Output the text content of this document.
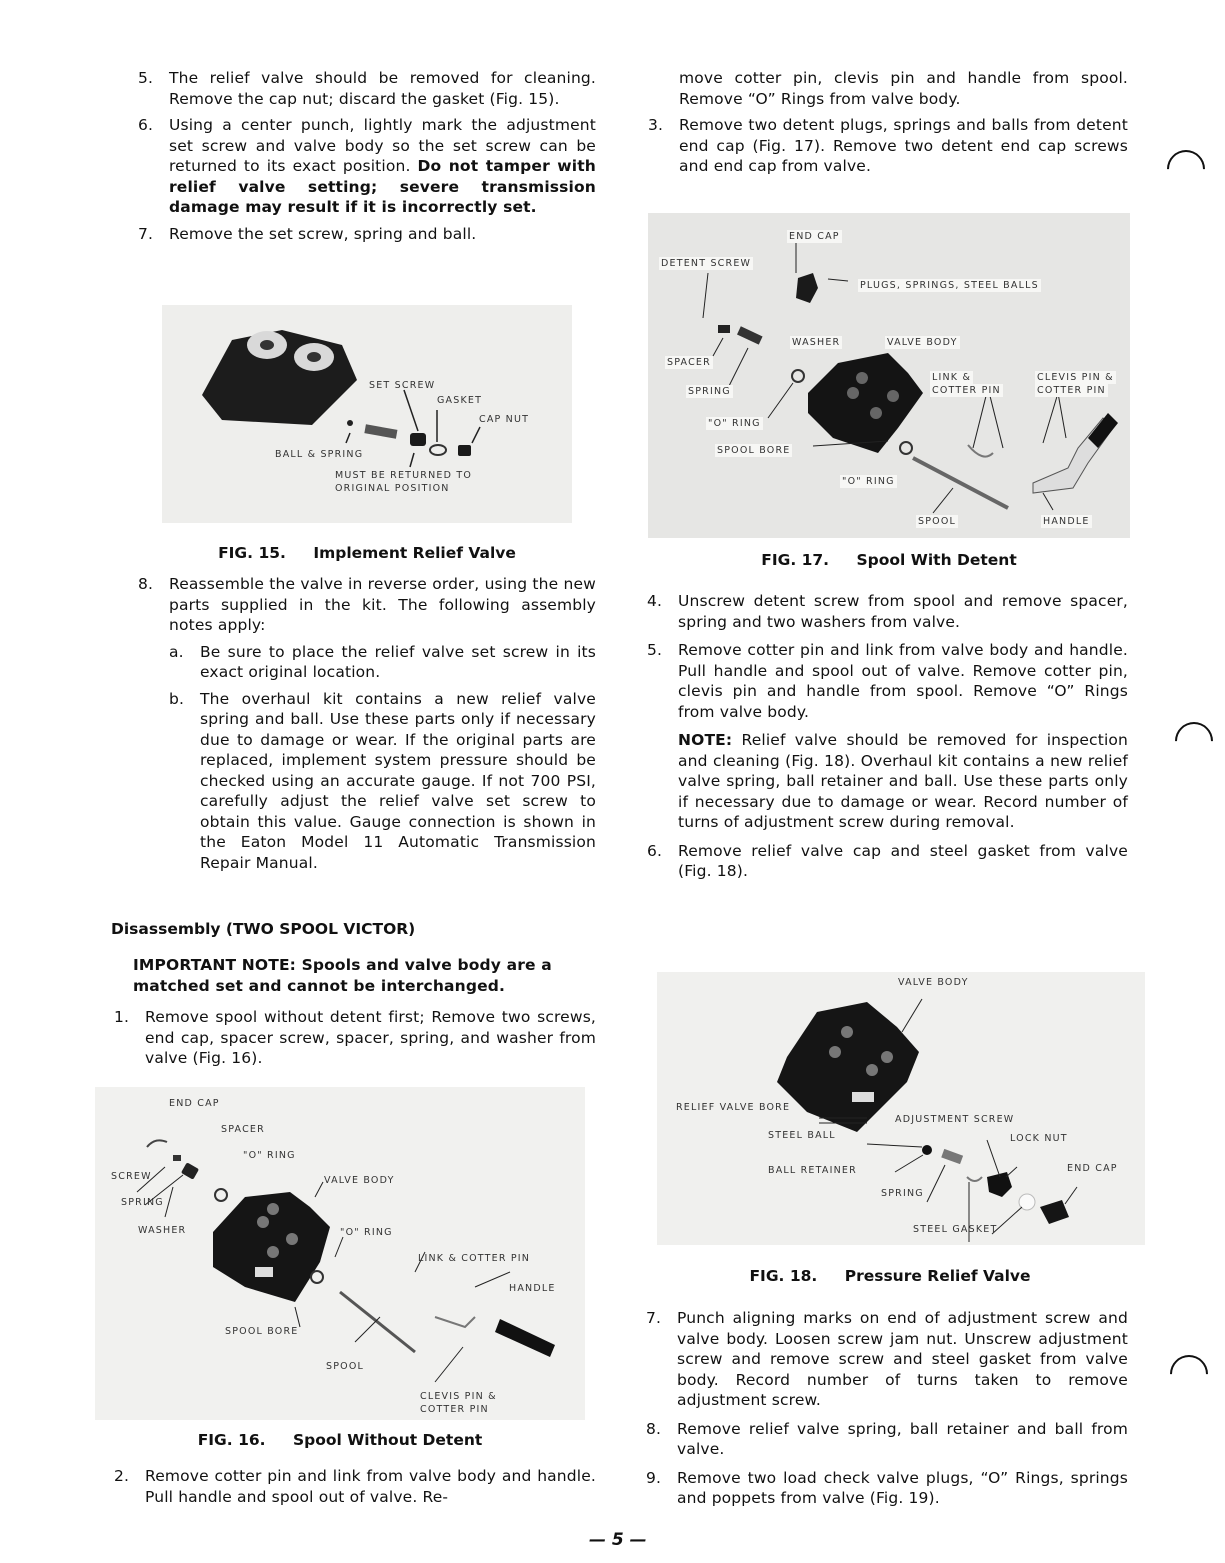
5. The relief valve should be removed for cleaning. Remove the cap nut; discard the gasket (Fig. 15).
6. Using a center punch, lightly mark the adjustment set screw and valve body so the set screw can be returned to its exact position. Do not tamper with relief valve setting; severe transmission damage may result if it is incorrectly set.
7. Remove the set screw, spring and ball.
SET SCREW
GASKET
CAP NUT
BALL & SPRING
MUST BE RETURNED TO
ORIGINAL POSITION
FIG. 15. Implement Relief Valve
8. Reassemble the valve in reverse order, using the new parts supplied in the kit. The following assembly notes apply:
a. Be sure to place the relief valve set screw in its exact original location.
b. The overhaul kit contains a new relief valve spring and ball. Use these parts only if necessary due to damage or wear. If the original parts are replaced, implement system pressure should be checked using an accurate gauge. If not 700 PSI, carefully adjust the relief valve set screw to obtain this value. Gauge connection is shown in the Eaton Model 11 Automatic Transmission Repair Manual.
Disassembly (TWO SPOOL VICTOR)
IMPORTANT NOTE: Spools and valve body are a matched set and cannot be interchanged.
1. Remove spool without detent first; Remove two screws, end cap, spacer screw, spacer, spring, and washer from valve (Fig. 16).
END CAP
SPACER
"O" RING
SCREW	VALVE BODY
SPRING
WASHER	"O" RING
LINK & COTTER PIN
HANDLE
SPOOL BORE
SPOOL
CLEVIS PIN &
COTTER PIN
FIG. 16. Spool Without Detent
2. Remove cotter pin and link from valve body and handle. Pull handle and spool out of valve. Re-
move cotter pin, clevis pin and handle from spool. Remove “O” Rings from valve body.
3. Remove two detent plugs, springs and balls from detent end cap (Fig. 17). Remove two detent end cap screws and end cap from valve.
END CAP
DETENT SCREW
PLUGS, SPRINGS, STEEL BALLS
WASHER	VALVE BODY
SPACER
LINK &	CLEVIS PIN &
SPRING	COTTER PIN	COTTER PIN
"O" RING
SPOOL BORE
"O" RING
SPOOL	HANDLE
FIG. 17. Spool With Detent
4. Unscrew detent screw from spool and remove spacer, spring and two washers from valve.
5. Remove cotter pin and link from valve body and handle. Pull handle and spool out of valve. Remove cotter pin, clevis pin and handle from spool. Remove “O” Rings from valve body.
NOTE: Relief valve should be removed for inspection and cleaning (Fig. 18). Overhaul kit contains a new relief valve spring, ball retainer and ball. Use these parts only if necessary due to damage or wear. Record number of turns of adjustment screw during removal.
6. Remove relief valve cap and steel gasket from valve (Fig. 18).
VALVE BODY
RELIEF VALVE BORE
ADJUSTMENT SCREW
STEEL BALL	LOCK NUT
BALL RETAINER	END CAP
SPRING
STEEL GASKET
FIG. 18. Pressure Relief Valve
7. Punch aligning marks on end of adjustment screw and valve body. Loosen screw jam nut. Unscrew adjustment screw and remove screw and steel gasket from valve body. Record number of turns taken to remove adjustment screw.
8. Remove relief valve spring, ball retainer and ball from valve.
9. Remove two load check valve plugs, “O” Rings, springs and poppets from valve (Fig. 19).
— 5 —
